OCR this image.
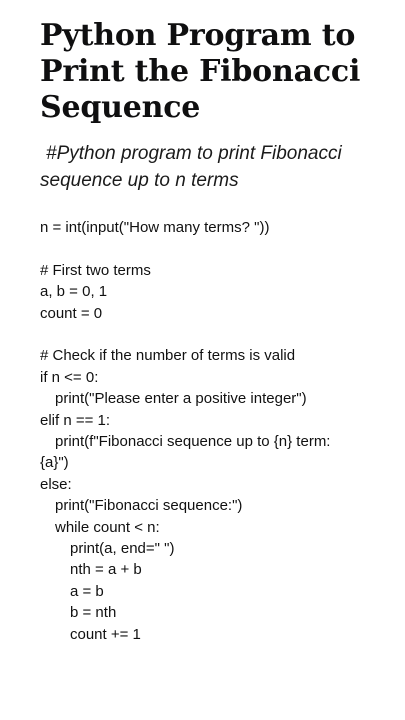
Python Program to
Print the Fibonacci
Sequence
#Python program to print Fibonacci
sequence up to n terms
n = int(input("How many terms? "))
# First two terms
a, b = 0, 1
count = 0
# Check if the number of terms is valid
if n <= 0:
print("Please enter a positive integer")
elif n == 1:
print(f"Fibonacci sequence up to {n} term:
{a}")
else:
print("Fibonacci sequence:")
while count < n:
print(a, end=" ")
nth = a + b
a = b
b = nth
count += 1
